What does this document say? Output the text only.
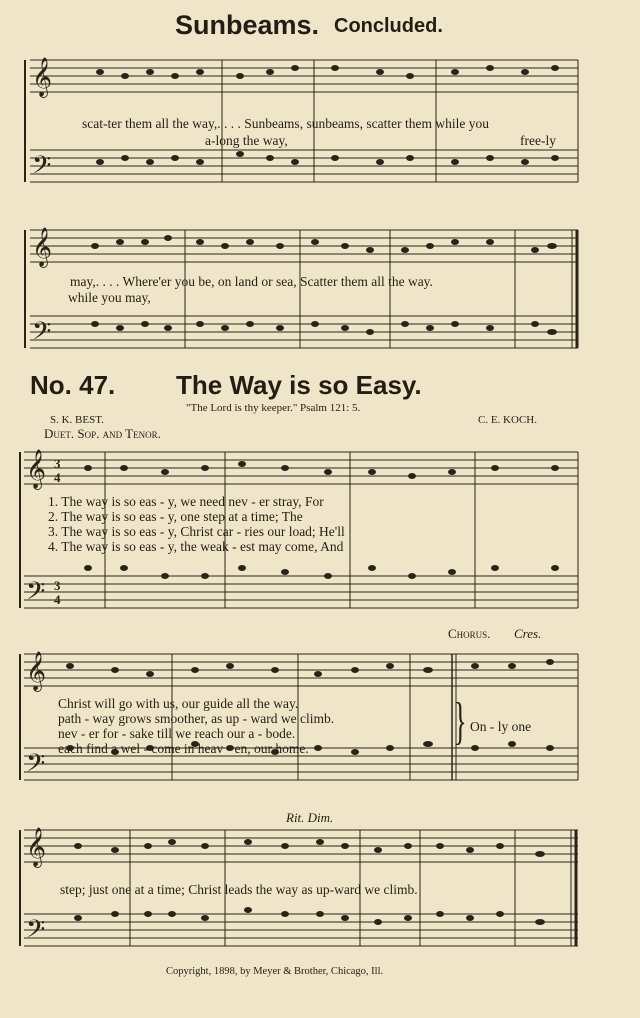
Sunbeams. Concluded.
𝄞
𝄢
scat-ter them all the way,. . . . Sunbeams, sunbeams, scatter them while you
a-long the way,	free-ly
𝄞
𝄢
may,. . . . Where'er you be, on land or sea, Scatter them all the way.
while you may,
No. 47. The Way is so Easy.
"The Lord is thy keeper." Psalm 121: 5.
S. K. BEST.	C. E. KOCH.
Duet. Sop. and Tenor.
𝄞 3
4
𝄢 3
4
1. The way is so eas - y, we need nev - er stray, For
2. The way is so eas - y, one step at a time; The
3. The way is so eas - y, Christ car - ries our load; He'll
4. The way is so eas - y, the weak - est may come, And
Chorus. Cres.
𝄞
𝄢
Christ will go with us, our guide all the way.
path - way grows smoother, as up - ward we climb.
nev - er for - sake till we reach our a - bode.
each find a wel - come in heav - en, our home.	} On - ly one
Rit. Dim.
𝄞
𝄢
step; just one at a time; Christ leads the way as up-ward we climb.
Copyright, 1898, by Meyer & Brother, Chicago, Ill.
